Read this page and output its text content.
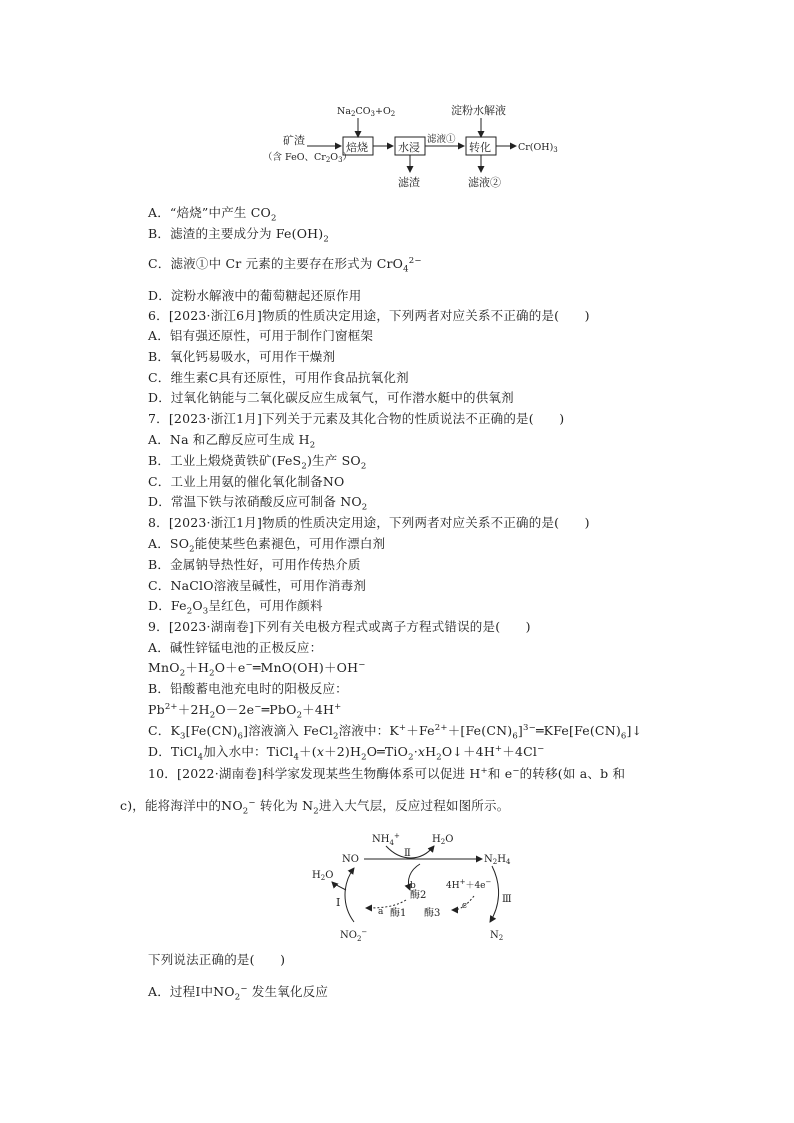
$Na_2CO_3+O_2$	淀粉水解液
矿渣
（含 FeO、$Cr_2O_3$）
焙烧	水浸
滤液①
滤渣
转化	$Cr(OH)_3$
滤液②
A．“焙烧”中产生 $CO_2$
B．滤渣的主要成分为 $Fe(OH)_2$
C．滤液①中 Cr 元素的主要存在形式为 CrO$_4^{2-}$
D．淀粉水解液中的葡萄糖起还原作用
6．[2023·浙江6月]物质的性质决定用途，下列两者对应关系不正确的是(　　)
A．铝有强还原性，可用于制作门窗框架
B．氧化钙易吸水，可用作干燥剂
C．维生素C具有还原性，可用作食品抗氧化剂
D．过氧化钠能与二氧化碳反应生成氧气，可作潜水艇中的供氧剂
7．[2023·浙江1月]下列关于元素及其化合物的性质说法不正确的是(　　)
A．Na 和乙醇反应可生成 $H_2$
B．工业上煅烧黄铁矿(FeS$_2$)生产 $SO_2$
C．工业上用氨的催化氧化制备NO
D．常温下铁与浓硝酸反应可制备 $NO_2$
8．[2023·浙江1月]物质的性质决定用途，下列两者对应关系不正确的是(　　)
A．$SO_2$能使某些色素褪色，可用作漂白剂
B．金属钠导热性好，可用作传热介质
C．NaClO溶液呈碱性，可用作消毒剂
D．$Fe_2O_3$呈红色，可用作颜料
9．[2023·湖南卷]下列有关电极方程式或离子方程式错误的是(　　)
A．碱性锌锰电池的正极反应：
$MnO_2+H_2O+e^-═MnO(OH)+OH^-$
B．铅酸蓄电池充电时的阳极反应：
$Pb^{2+}+2H_2O-2e^-═PbO_2+4H^+$
C．$K_3[Fe(CN)_6]$溶液滴入 FeCl$_2$溶液中：$K^++Fe^{2+}+[Fe(CN)_6]^{3-}═KFe[Fe(CN)_6]↓$
D．TiCl$_4$加入水中：$TiCl_4+(x+2)H_2O═TiO_2\cdot xH_2O↓+4H^++4Cl^-$
10．[2022·湖南卷]科学家发现某些生物酶体系可以促进 H+和 e−的转移(如 a、b 和
c)，能将海洋中的$NO_2^-$ 转化为 $N_2$进入大气层，反应过程如图所示。
$NH_4^+$	$H_2O$
NO
Ⅱ
$N_2H_4$
$H_2O$
Ⅰ
b
酶2
a 酶1 酶3
4H+＋4e−
c
Ⅲ
$NO_2^-$	$N_2$
下列说法正确的是(　　)
A．过程Ⅰ中$NO_2^-$ 发生氧化反应
